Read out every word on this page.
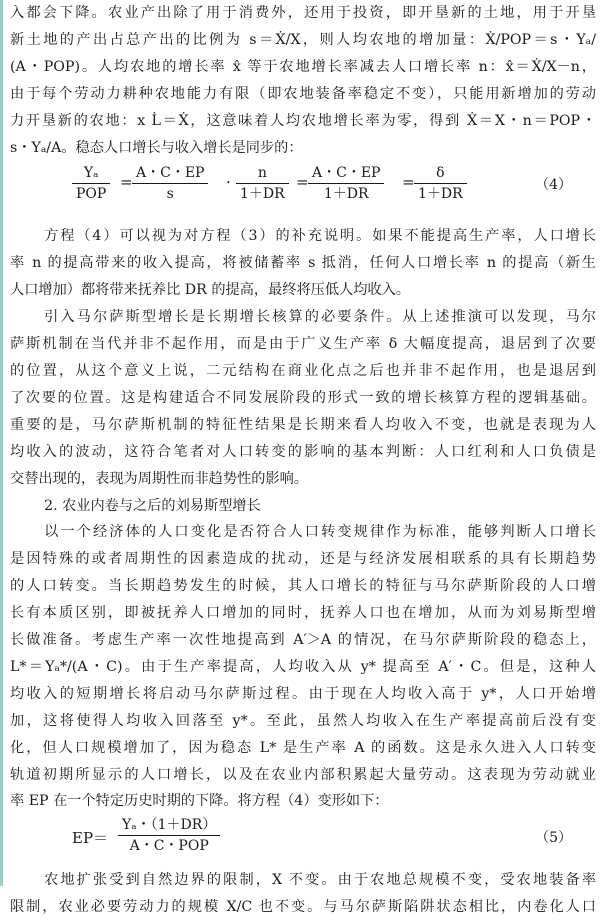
入都会下降。农业产出除了用于消费外，还用于投资，即开垦新的土地，用于开垦
新土地的产出占总产出的比例为 s＝Ẋ/X，则人均农地的增加量：Ẋ/POP＝s・Yₐ/
(A・POP)。人均农地的增长率 x̂ 等于农地增长率减去人口增长率 n：x̂＝Ẋ/X－n，
由于每个劳动力耕种农地能力有限（即农地装备率稳定不变），只能用新增加的劳动
力开垦新的农地：x L̇＝Ẋ，这意味着人均农地增长率为零，得到 Ẋ＝X・n＝POP・
s・Yₐ/A。稳态人口增长与收入增长是同步的：
Yₐ
POP
= $\frac{A・C・EP}{s} \cdot \frac{n}{1+DR} = \frac{A・C・EP}{1+DR} = \frac{\delta}{1+DR}$	（4）
方程（4）可以视为对方程（3）的补充说明。如果不能提高生产率，人口增长
率 n 的提高带来的收入提高，将被储蓄率 s 抵消，任何人口增长率 n 的提高（新生
人口增加）都将带来抚养比 DR 的提高，最终将压低人均收入。
引入马尔萨斯型增长是长期增长核算的必要条件。从上述推演可以发现，马尔
萨斯机制在当代并非不起作用，而是由于广义生产率 δ 大幅度提高，退居到了次要
的位置，从这个意义上说，二元结构在商业化点之后也并非不起作用，也是退居到
了次要的位置。这是构建适合不同发展阶段的形式一致的增长核算方程的逻辑基础。
重要的是，马尔萨斯机制的特征性结果是长期来看人均收入不变，也就是表现为人
均收入的波动，这符合笔者对人口转变的影响的基本判断：人口红利和人口负债是
交替出现的，表现为周期性而非趋势性的影响。
2. 农业内卷与之后的刘易斯型增长
以一个经济体的人口变化是否符合人口转变规律作为标准，能够判断人口增长
是因特殊的或者周期性的因素造成的扰动，还是与经济发展相联系的具有长期趋势
的人口转变。当长期趋势发生的时候，其人口增长的特征与马尔萨斯阶段的人口增
长有本质区别，即被抚养人口增加的同时，抚养人口也在增加，从而为刘易斯型增
长做准备。考虑生产率一次性地提高到 A′＞A 的情况，在马尔萨斯阶段的稳态上，
L*＝Yₐ*/(A・C)。由于生产率提高，人均收入从 y* 提高至 A′・C。但是，这种人
均收入的短期增长将启动马尔萨斯过程。由于现在人均收入高于 y*，人口开始增
加，这将使得人均收入回落至 y*。至此，虽然人均收入在生产率提高前后没有变
化，但人口规模增加了，因为稳态 L* 是生产率 A 的函数。这是永久进入人口转变
轨道初期所显示的人口增长，以及在农业内部积累起大量劳动。这表现为劳动就业
率 EP 在一个特定历史时期的下降。将方程（4）变形如下：
EP＝
Yₐ・（1＋DR）
A・C・POP	（5）
农地扩张受到自然边界的限制，X 不变。由于农地总规模不变，受农地装备率
限制，农业必要劳动力的规模 X/C 也不变。与马尔萨斯陷阱状态相比，内卷化人口
